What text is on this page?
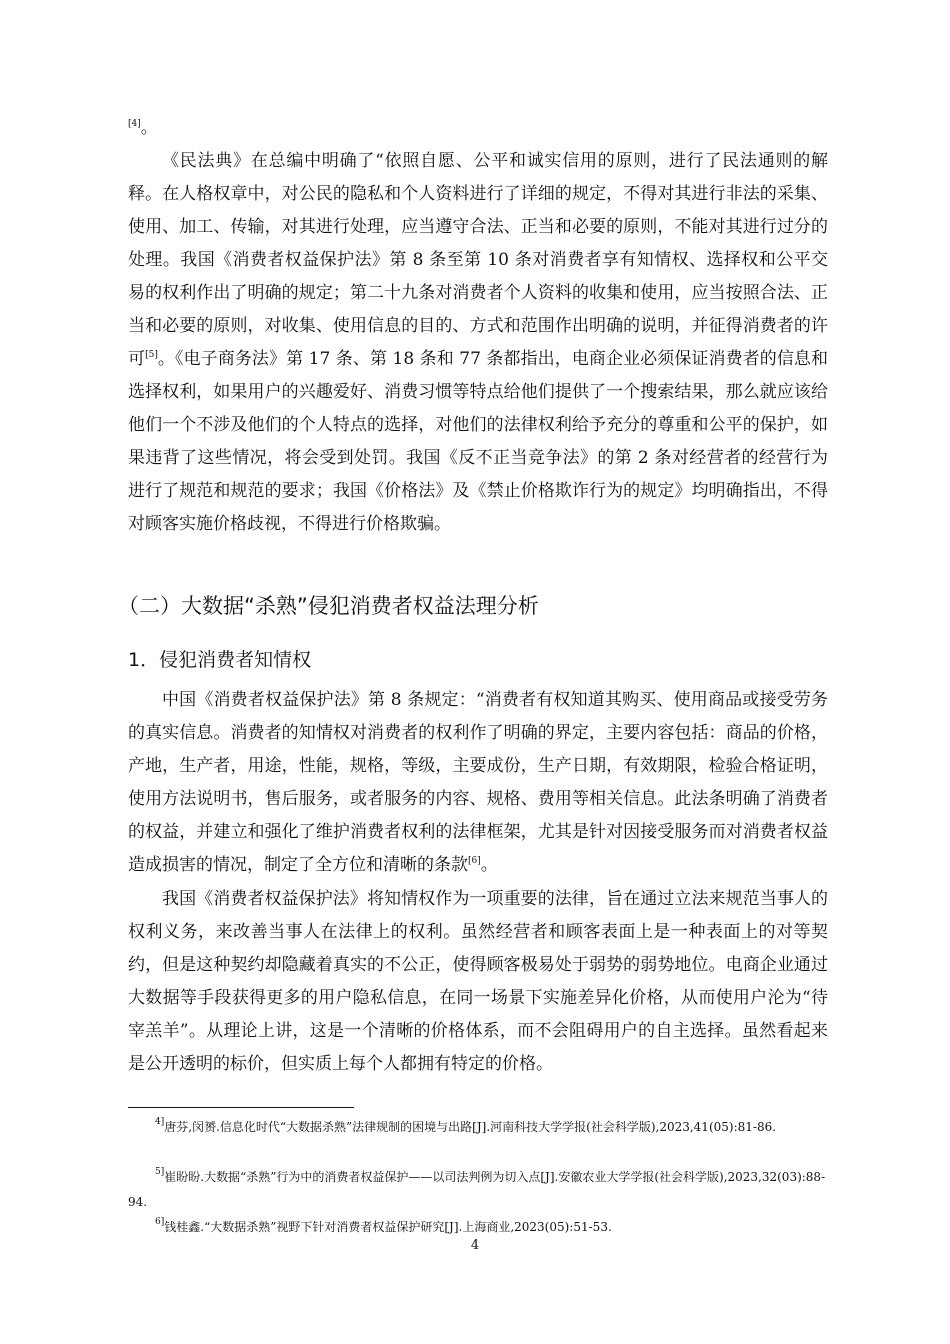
[4]。

《民法典》在总编中明确了“依照自愿、公平和诚实信用的原则，进行了民法通则的解释。在人格权章中，对公民的隐私和个人资料进行了详细的规定，不得对其进行非法的采集、使用、加工、传输，对其进行处理，应当遵守合法、正当和必要的原则，不能对其进行过分的处理。我国《消费者权益保护法》第 8 条至第 10 条对消费者享有知情权、选择权和公平交易的权利作出了明确的规定；第二十九条对消费者个人资料的收集和使用，应当按照合法、正当和必要的原则，对收集、使用信息的目的、方式和范围作出明确的说明，并征得消费者的许可[5]。《电子商务法》第 17 条、第 18 条和 77 条都指出，电商企业必须保证消费者的信息和选择权利，如果用户的兴趣爱好、消费习惯等特点给他们提供了一个搜索结果，那么就应该给他们一个不涉及他们的个人特点的选择，对他们的法律权利给予充分的尊重和公平的保护，如果违背了这些情况，将会受到处罚。我国《反不正当竞争法》的第 2 条对经营者的经营行为进行了规范和规范的要求；我国《价格法》及《禁止价格欺诈行为的规定》均明确指出，不得对顾客实施价格歧视，不得进行价格欺骗。

（二）大数据“杀熟”侵犯消费者权益法理分析
1．侵犯消费者知情权

中国《消费者权益保护法》第 8 条规定：“消费者有权知道其购买、使用商品或接受劳务的真实信息。消费者的知情权对消费者的权利作了明确的界定，主要内容包括：商品的价格，产地，生产者，用途，性能，规格，等级，主要成份，生产日期，有效期限，检验合格证明，使用方法说明书，售后服务，或者服务的内容、规格、费用等相关信息。此法条明确了消费者的权益，并建立和强化了维护消费者权利的法律框架，尤其是针对因接受服务而对消费者权益造成损害的情况，制定了全方位和清晰的条款[6]。

我国《消费者权益保护法》将知情权作为一项重要的法律，旨在通过立法来规范当事人的权利义务，来改善当事人在法律上的权利。虽然经营者和顾客表面上是一种表面上的对等契约，但是这种契约却隐藏着真实的不公正，使得顾客极易处于弱势的弱势地位。电商企业通过大数据等手段获得更多的用户隐私信息，在同一场景下实施差异化价格，从而使用户沦为“待宰羔羊”。从理论上讲，这是一个清晰的价格体系，而不会阻碍用户的自主选择。虽然看起来是公开透明的标价，但实质上每个人都拥有特定的价格。

$^{4]}$唐芬,闵赟.信息化时代“大数据杀熟”法律规制的困境与出路[J].河南科技大学学报(社会科学版),2023,41(05):81-86.

$^{5]}$崔盼盼.大数据“杀熟”行为中的消费者权益保护——以司法判例为切入点[J].安徽农业大学学报(社会科学版),2023,32(03):88-94.

$^{6]}$钱桂鑫.“大数据杀熟”视野下针对消费者权益保护研究[J].上海商业,2023(05):51-53.

4
